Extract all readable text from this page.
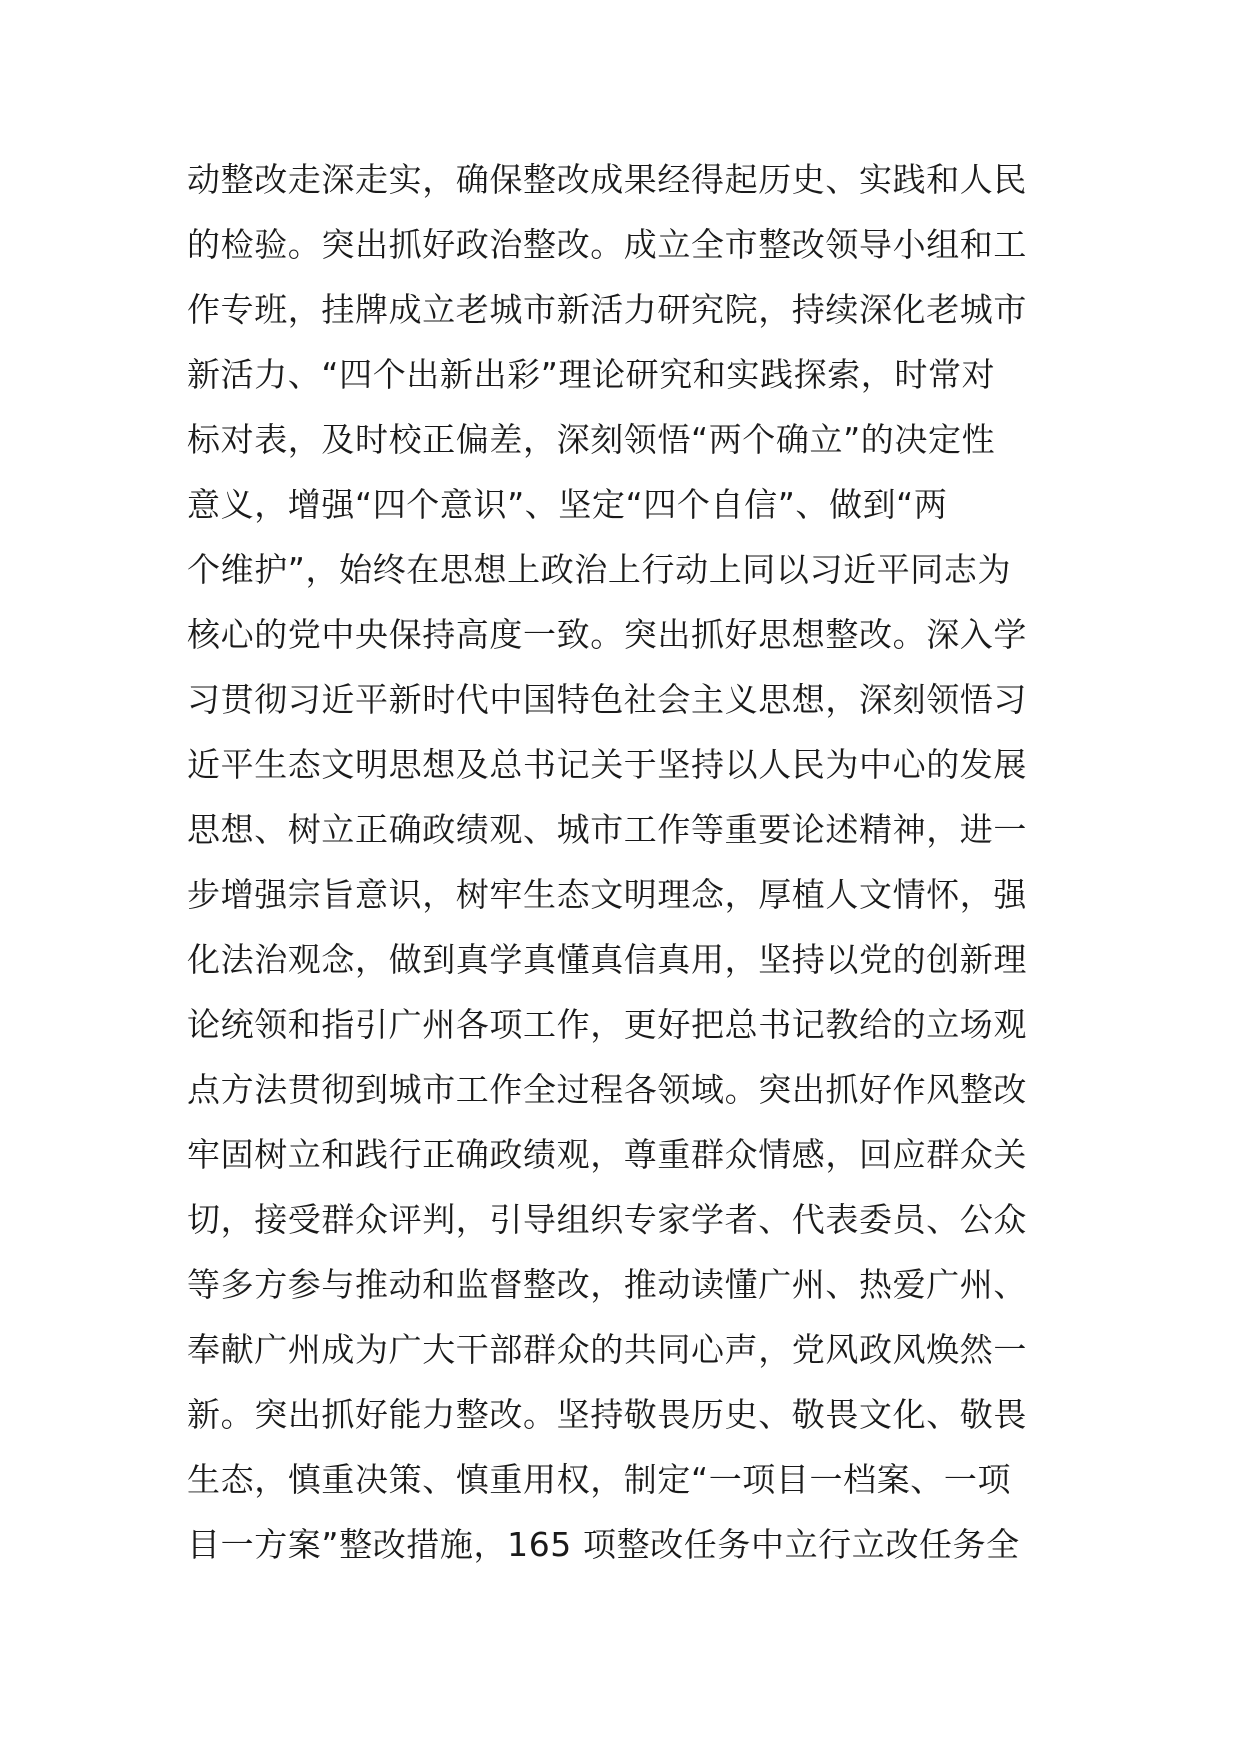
动整改走深走实，确保整改成果经得起历史、实践和人民
的检验。突出抓好政治整改。成立全市整改领导小组和工
作专班，挂牌成立老城市新活力研究院，持续深化老城市
新活力、“四个出新出彩”理论研究和实践探索，时常对
标对表，及时校正偏差，深刻领悟“两个确立”的决定性
意义，增强“四个意识”、坚定“四个自信”、做到“两
个维护”，始终在思想上政治上行动上同以习近平同志为
核心的党中央保持高度一致。突出抓好思想整改。深入学
习贯彻习近平新时代中国特色社会主义思想，深刻领悟习
近平生态文明思想及总书记关于坚持以人民为中心的发展
思想、树立正确政绩观、城市工作等重要论述精神，进一
步增强宗旨意识，树牢生态文明理念，厚植人文情怀，强
化法治观念，做到真学真懂真信真用，坚持以党的创新理
论统领和指引广州各项工作，更好把总书记教给的立场观
点方法贯彻到城市工作全过程各领域。突出抓好作风整改
牢固树立和践行正确政绩观，尊重群众情感，回应群众关
切，接受群众评判，引导组织专家学者、代表委员、公众
等多方参与推动和监督整改，推动读懂广州、热爱广州、
奉献广州成为广大干部群众的共同心声，党风政风焕然一
新。突出抓好能力整改。坚持敬畏历史、敬畏文化、敬畏
生态，慎重决策、慎重用权，制定“一项目一档案、一项
目一方案”整改措施，165 项整改任务中立行立改任务全
